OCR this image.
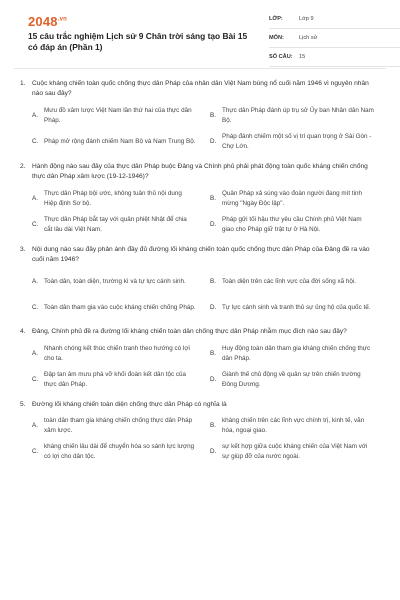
$2048^{.vn}$
15 câu trắc nghiệm Lịch sử 9 Chân trời sáng tạo Bài 15 có đáp án (Phần 1)
LỚP:	Lớp 9
MÔN:	Lịch sử
SỐ CÂU:	15
1. Cuộc kháng chiến toàn quốc chống thực dân Pháp của nhân dân Việt Nam bùng nổ cuối năm 1946 vì nguyên nhân nào sau đây?
A.
Mưu đồ xâm lược Việt Nam lần thứ hai của thực dân Pháp.
B.
Thực dân Pháp đánh úp trụ sở Ủy ban Nhân dân Nam Bộ.
C. Pháp mở rộng đánh chiếm Nam Bộ và Nam Trung Bộ.	D.
Pháp đánh chiếm một số vị trí quan trọng ở Sài Gòn - Chợ Lớn.
2. Hành động nào sau đây của thực dân Pháp buộc Đảng và Chính phủ phải phát động toàn quốc kháng chiến chống thực dân Pháp xâm lược (19-12-1946)?
A.
Thực dân Pháp bội ước, không tuân thủ nội dung Hiệp định Sơ bộ.
B.
Quân Pháp xả súng vào đoàn người đang mít tinh mừng "Ngày Độc lập".
C.
Thực dân Pháp bắt tay với quân phiệt Nhật để chia cắt lâu dài Việt Nam.
D.
Pháp gửi tối hậu thư yêu cầu Chính phủ Việt Nam giao cho Pháp giữ trật tự ở Hà Nội.
3. Nội dung nào sau đây phản ánh đầy đủ đường lối kháng chiến toàn quốc chống thực dân Pháp của Đảng đề ra vào cuối năm 1946?
A. Toàn dân, toàn diện, trường kì và tự lực cánh sinh.	B. Toàn diện trên các lĩnh vực của đời sống xã hội.
C. Toàn dân tham gia vào cuộc kháng chiến chống Pháp.	D. Tự lực cánh sinh và tranh thủ sự ủng hộ của quốc tế.
4. Đảng, Chính phủ đề ra đường lối kháng chiến toàn dân chống thực dân Pháp nhằm mục đích nào sau đây?
A.
Nhanh chóng kết thúc chiến tranh theo hướng có lợi cho ta.
B.
Huy động toàn dân tham gia kháng chiến chống thực dân Pháp.
C.
Đập tan âm mưu phá vỡ khối đoàn kết dân tộc của thực dân Pháp.
D.
Giành thế chủ động về quân sự trên chiến trường Đông Dương.
5. Đường lối kháng chiến toàn diện chống thực dân Pháp có nghĩa là
A.
toàn dân tham gia kháng chiến chống thực dân Pháp xâm lược.
B.
kháng chiến trên các lĩnh vực chính trị, kinh tế, văn hóa, ngoại giao.
C.
kháng chiến lâu dài để chuyển hóa so sánh lực lượng có lợi cho dân tộc.
D.
sự kết hợp giữa cuộc kháng chiến của Việt Nam với sự giúp đỡ của nước ngoài.
